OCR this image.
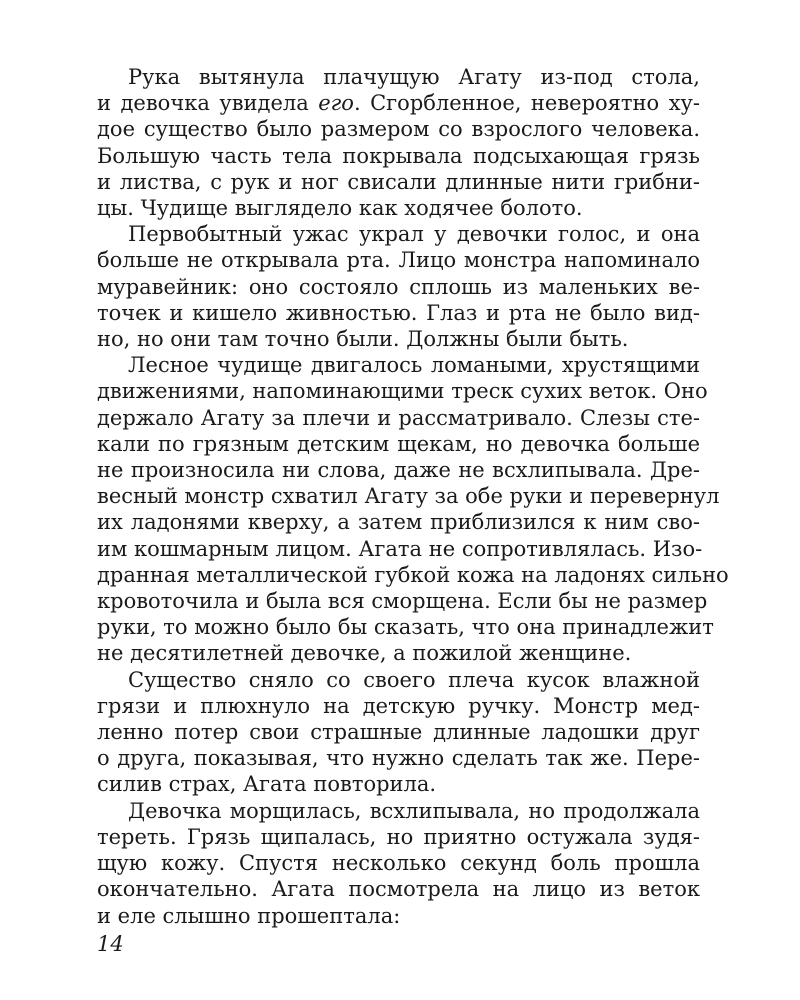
Рука вытянула плачущую Агату из-под стола,
и девочка увидела его. Сгорбленное, невероятно ху-
дое существо было размером со взрослого человека.
Большую часть тела покрывала подсыхающая грязь
и листва, с рук и ног свисали длинные нити грибни-
цы. Чудище выглядело как ходячее болото.
Первобытный ужас украл у девочки голос, и она
больше не открывала рта. Лицо монстра напоминало
муравейник: оно состояло сплошь из маленьких ве-
точек и кишело живностью. Глаз и рта не было вид-
но, но они там точно были. Должны были быть.
Лесное чудище двигалось ломаными, хрустящими
движениями, напоминающими треск сухих веток. Оно
держало Агату за плечи и рассматривало. Слезы сте-
кали по грязным детским щекам, но девочка больше
не произносила ни слова, даже не всхлипывала. Дре-
весный монстр схватил Агату за обе руки и перевернул
их ладонями кверху, а затем приблизился к ним сво-
им кошмарным лицом. Агата не сопротивлялась. Изо-
дранная металлической губкой кожа на ладонях сильно
кровоточила и была вся сморщена. Если бы не размер
руки, то можно было бы сказать, что она принадлежит
не десятилетней девочке, а пожилой женщине.
Существо сняло со своего плеча кусок влажной
грязи и плюхнуло на детскую ручку. Монстр мед-
ленно потер свои страшные длинные ладошки друг
о друга, показывая, что нужно сделать так же. Пере-
силив страх, Агата повторила.
Девочка морщилась, всхлипывала, но продолжала
тереть. Грязь щипалась, но приятно остужала зудя-
щую кожу. Спустя несколько секунд боль прошла
окончательно. Агата посмотрела на лицо из веток
и еле слышно прошептала:
14
